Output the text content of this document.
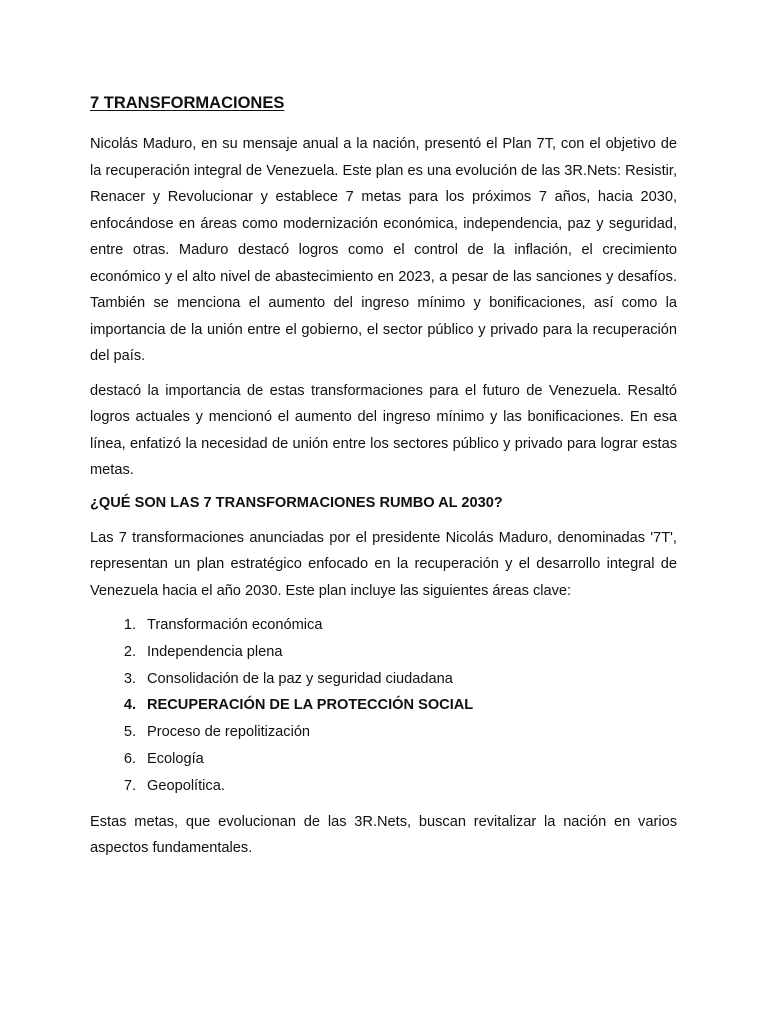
7 TRANSFORMACIONES

Nicolás Maduro, en su mensaje anual a la nación, presentó el Plan 7T, con el objetivo de la recuperación integral de Venezuela. Este plan es una evolución de las 3R.Nets: Resistir, Renacer y Revolucionar y establece 7 metas para los próximos 7 años, hacia 2030, enfocándose en áreas como modernización económica, independencia, paz y seguridad, entre otras. Maduro destacó logros como el control de la inflación, el crecimiento económico y el alto nivel de abastecimiento en 2023, a pesar de las sanciones y desafíos. También se menciona el aumento del ingreso mínimo y bonificaciones, así como la importancia de la unión entre el gobierno, el sector público y privado para la recuperación del país.

destacó la importancia de estas transformaciones para el futuro de Venezuela. Resaltó logros actuales y mencionó el aumento del ingreso mínimo y las bonificaciones. En esa línea, enfatizó la necesidad de unión entre los sectores público y privado para lograr estas metas.

¿QUÉ SON LAS 7 TRANSFORMACIONES RUMBO AL 2030?

Las 7 transformaciones anunciadas por el presidente Nicolás Maduro, denominadas '7T', representan un plan estratégico enfocado en la recuperación y el desarrollo integral de Venezuela hacia el año 2030. Este plan incluye las siguientes áreas clave:

1. Transformación económica
2. Independencia plena
3. Consolidación de la paz y seguridad ciudadana
4. RECUPERACIÓN DE LA PROTECCIÓN SOCIAL
5. Proceso de repolitización
6. Ecología
7. Geopolítica.

Estas metas, que evolucionan de las 3R.Nets, buscan revitalizar la nación en varios aspectos fundamentales.
